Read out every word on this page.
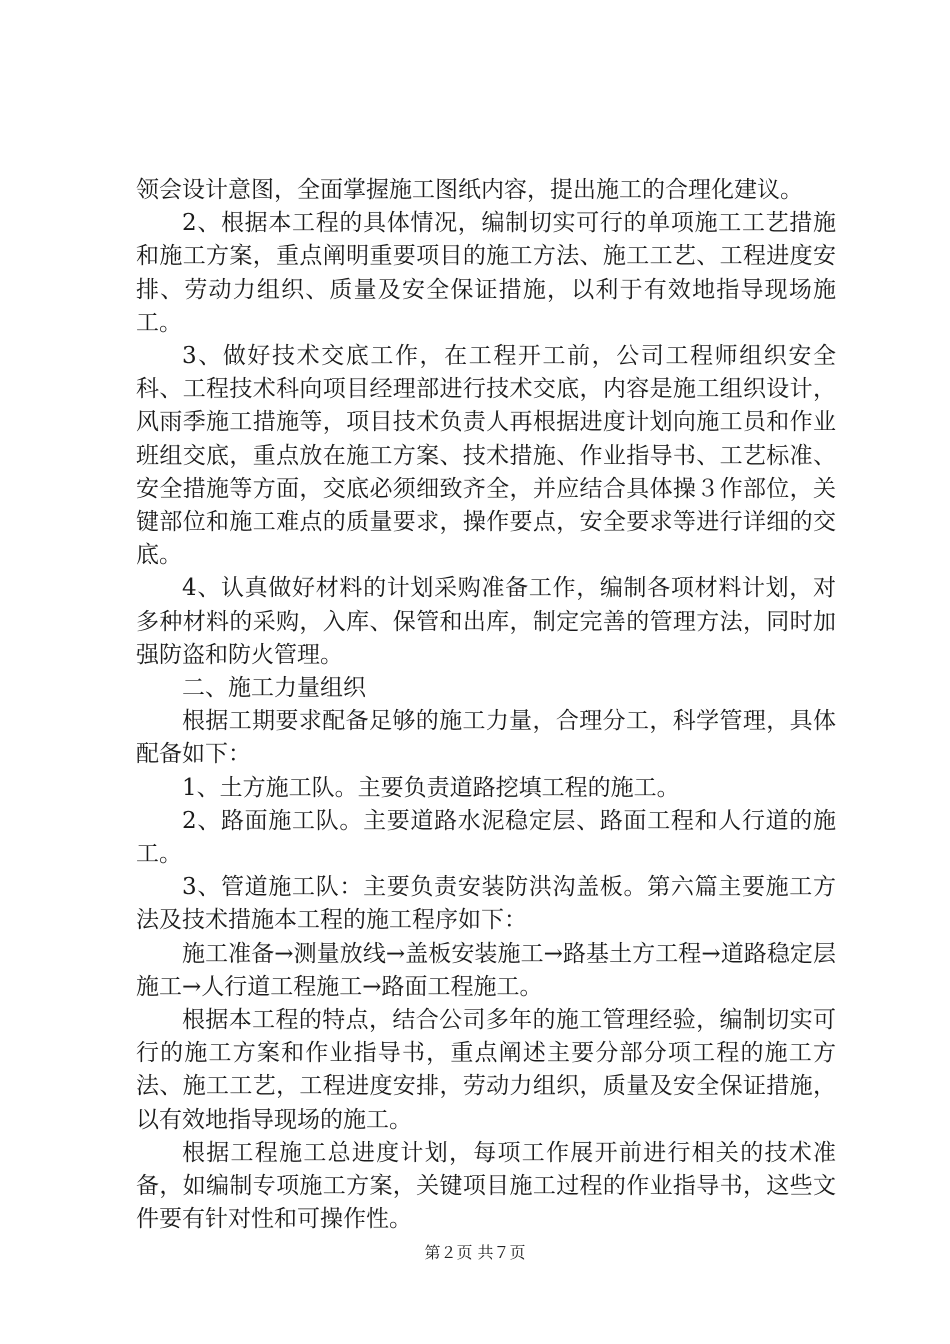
领会设计意图，全面掌握施工图纸内容，提出施工的合理化建议。

2、根据本工程的具体情况，编制切实可行的单项施工工艺措施和施工方案，重点阐明重要项目的施工方法、施工工艺、工程进度安排、劳动力组织、质量及安全保证措施，以利于有效地指导现场施工。

3、做好技术交底工作，在工程开工前，公司工程师组织安全科、工程技术科向项目经理部进行技术交底，内容是施工组织设计，风雨季施工措施等，项目技术负责人再根据进度计划向施工员和作业班组交底，重点放在施工方案、技术措施、作业指导书、工艺标准、安全措施等方面，交底必须细致齐全，并应结合具体操３作部位，关键部位和施工难点的质量要求，操作要点，安全要求等进行详细的交底。

4、认真做好材料的计划采购准备工作，编制各项材料计划，对多种材料的采购，入库、保管和出库，制定完善的管理方法，同时加强防盗和防火管理。

二、施工力量组织

根据工期要求配备足够的施工力量，合理分工，科学管理，具体配备如下：

1、土方施工队。主要负责道路挖填工程的施工。

2、路面施工队。主要道路水泥稳定层、路面工程和人行道的施工。

3、管道施工队：主要负责安装防洪沟盖板。第六篇主要施工方法及技术措施本工程的施工程序如下：

施工准备→测量放线→盖板安装施工→路基土方工程→道路稳定层施工→人行道工程施工→路面工程施工。

根据本工程的特点，结合公司多年的施工管理经验，编制切实可行的施工方案和作业指导书，重点阐述主要分部分项工程的施工方法、施工工艺，工程进度安排，劳动力组织，质量及安全保证措施，以有效地指导现场的施工。

根据工程施工总进度计划，每项工作展开前进行相关的技术准备，如编制专项施工方案，关键项目施工过程的作业指导书，这些文件要有针对性和可操作性。

第２页 共７页
